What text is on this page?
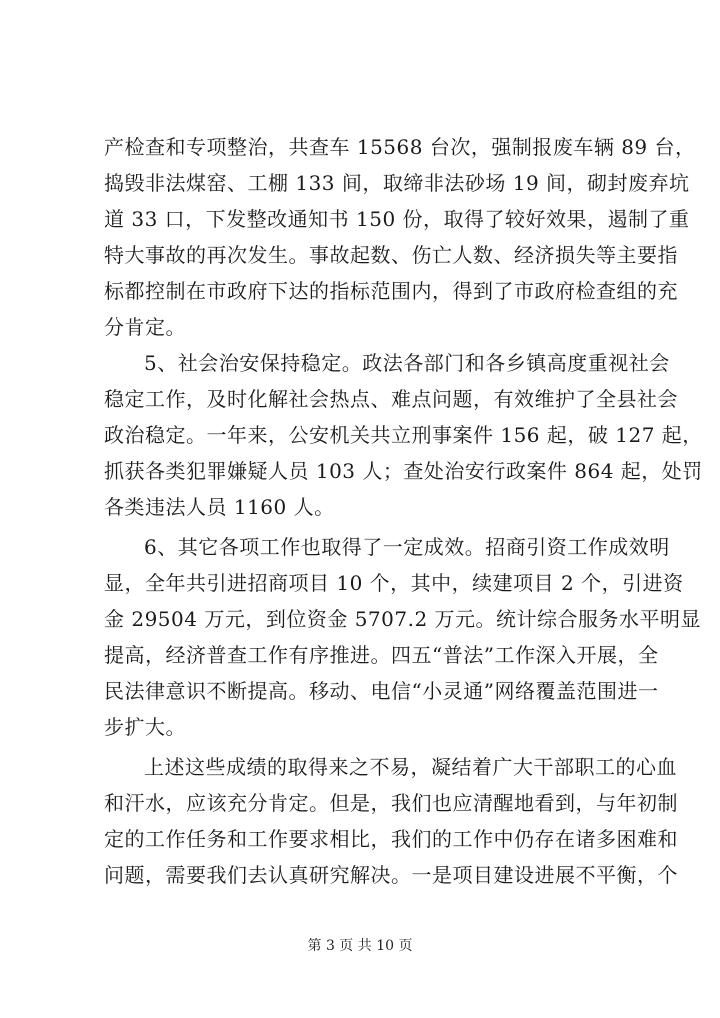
产检查和专项整治，共查车 15568 台次，强制报废车辆 89 台，
捣毁非法煤窑、工棚 133 间，取缔非法砂场 19 间，砌封废弃坑
道 33 口，下发整改通知书 150 份，取得了较好效果，遏制了重
特大事故的再次发生。事故起数、伤亡人数、经济损失等主要指
标都控制在市政府下达的指标范围内，得到了市政府检查组的充
分肯定。
5、社会治安保持稳定。政法各部门和各乡镇高度重视社会
稳定工作，及时化解社会热点、难点问题，有效维护了全县社会
政治稳定。一年来，公安机关共立刑事案件 156 起，破 127 起，
抓获各类犯罪嫌疑人员 103 人；查处治安行政案件 864 起，处罚
各类违法人员 1160 人。
6、其它各项工作也取得了一定成效。招商引资工作成效明
显，全年共引进招商项目 10 个，其中，续建项目 2 个，引进资
金 29504 万元，到位资金 5707.2 万元。统计综合服务水平明显
提高，经济普查工作有序推进。四五“普法”工作深入开展，全
民法律意识不断提高。移动、电信“小灵通”网络覆盖范围进一
步扩大。
上述这些成绩的取得来之不易，凝结着广大干部职工的心血
和汗水，应该充分肯定。但是，我们也应清醒地看到，与年初制
定的工作任务和工作要求相比，我们的工作中仍存在诸多困难和
问题，需要我们去认真研究解决。一是项目建设进展不平衡，个
第 3 页 共 10 页
